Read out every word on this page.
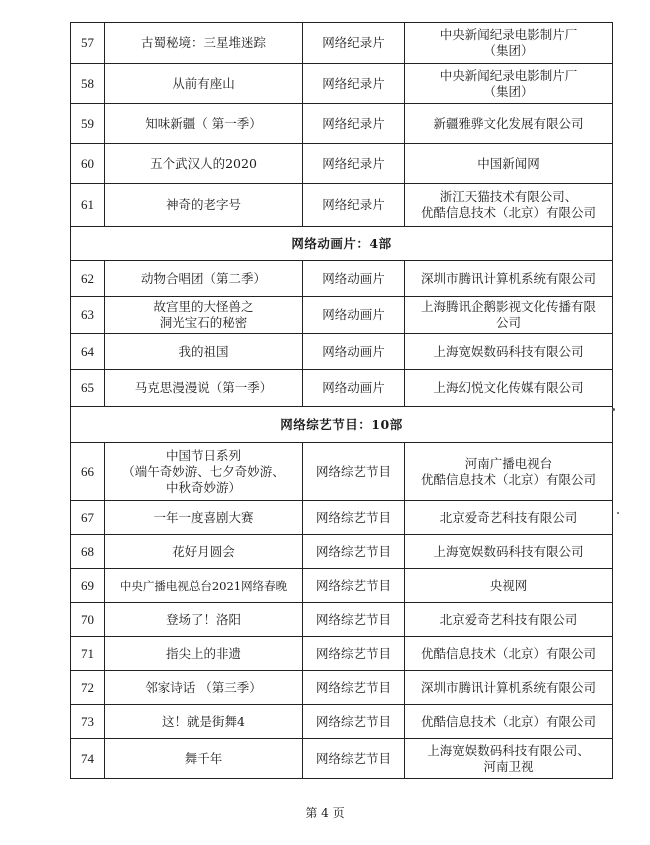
57	古蜀秘境：三星堆迷踪	网络纪录片	中央新闻纪录电影制片厂
（集团）
58	从前有座山	网络纪录片	中央新闻纪录电影制片厂
（集团）
59	知味新疆（ 第一季）	网络纪录片	新疆雅骅文化发展有限公司
60	五个武汉人的2020	网络纪录片	中国新闻网
61	神奇的老字号	网络纪录片	浙江天猫技术有限公司、
优酷信息技术（北京）有限公司
网络动画片：4部			
62	动物合唱团（第二季）	网络动画片	深圳市腾讯计算机系统有限公司
63	故宫里的大怪兽之
洞光宝石的秘密	网络动画片	上海腾讯企鹅影视文化传播有限
公司
64	我的祖国	网络动画片	上海宽娱数码科技有限公司
65	马克思漫漫说（第一季）	网络动画片	上海幻悦文化传媒有限公司
网络综艺节目：10部			
66	中国节日系列
（端午奇妙游、七夕奇妙游、
中秋奇妙游）	网络综艺节目	河南广播电视台
优酷信息技术（北京）有限公司
67	一年一度喜剧大赛	网络综艺节目	北京爱奇艺科技有限公司
68	花好月圆会	网络综艺节目	上海宽娱数码科技有限公司
69	中央广播电视总台2021网络春晚	网络综艺节目	央视网
70	登场了！洛阳	网络综艺节目	北京爱奇艺科技有限公司
71	指尖上的非遗	网络综艺节目	优酷信息技术（北京）有限公司
72	邻家诗话 （第三季）	网络综艺节目	深圳市腾讯计算机系统有限公司
73	这！就是街舞4	网络综艺节目	优酷信息技术（北京）有限公司
74	舞千年	网络综艺节目	上海宽娱数码科技有限公司、
河南卫视
第 4 页
